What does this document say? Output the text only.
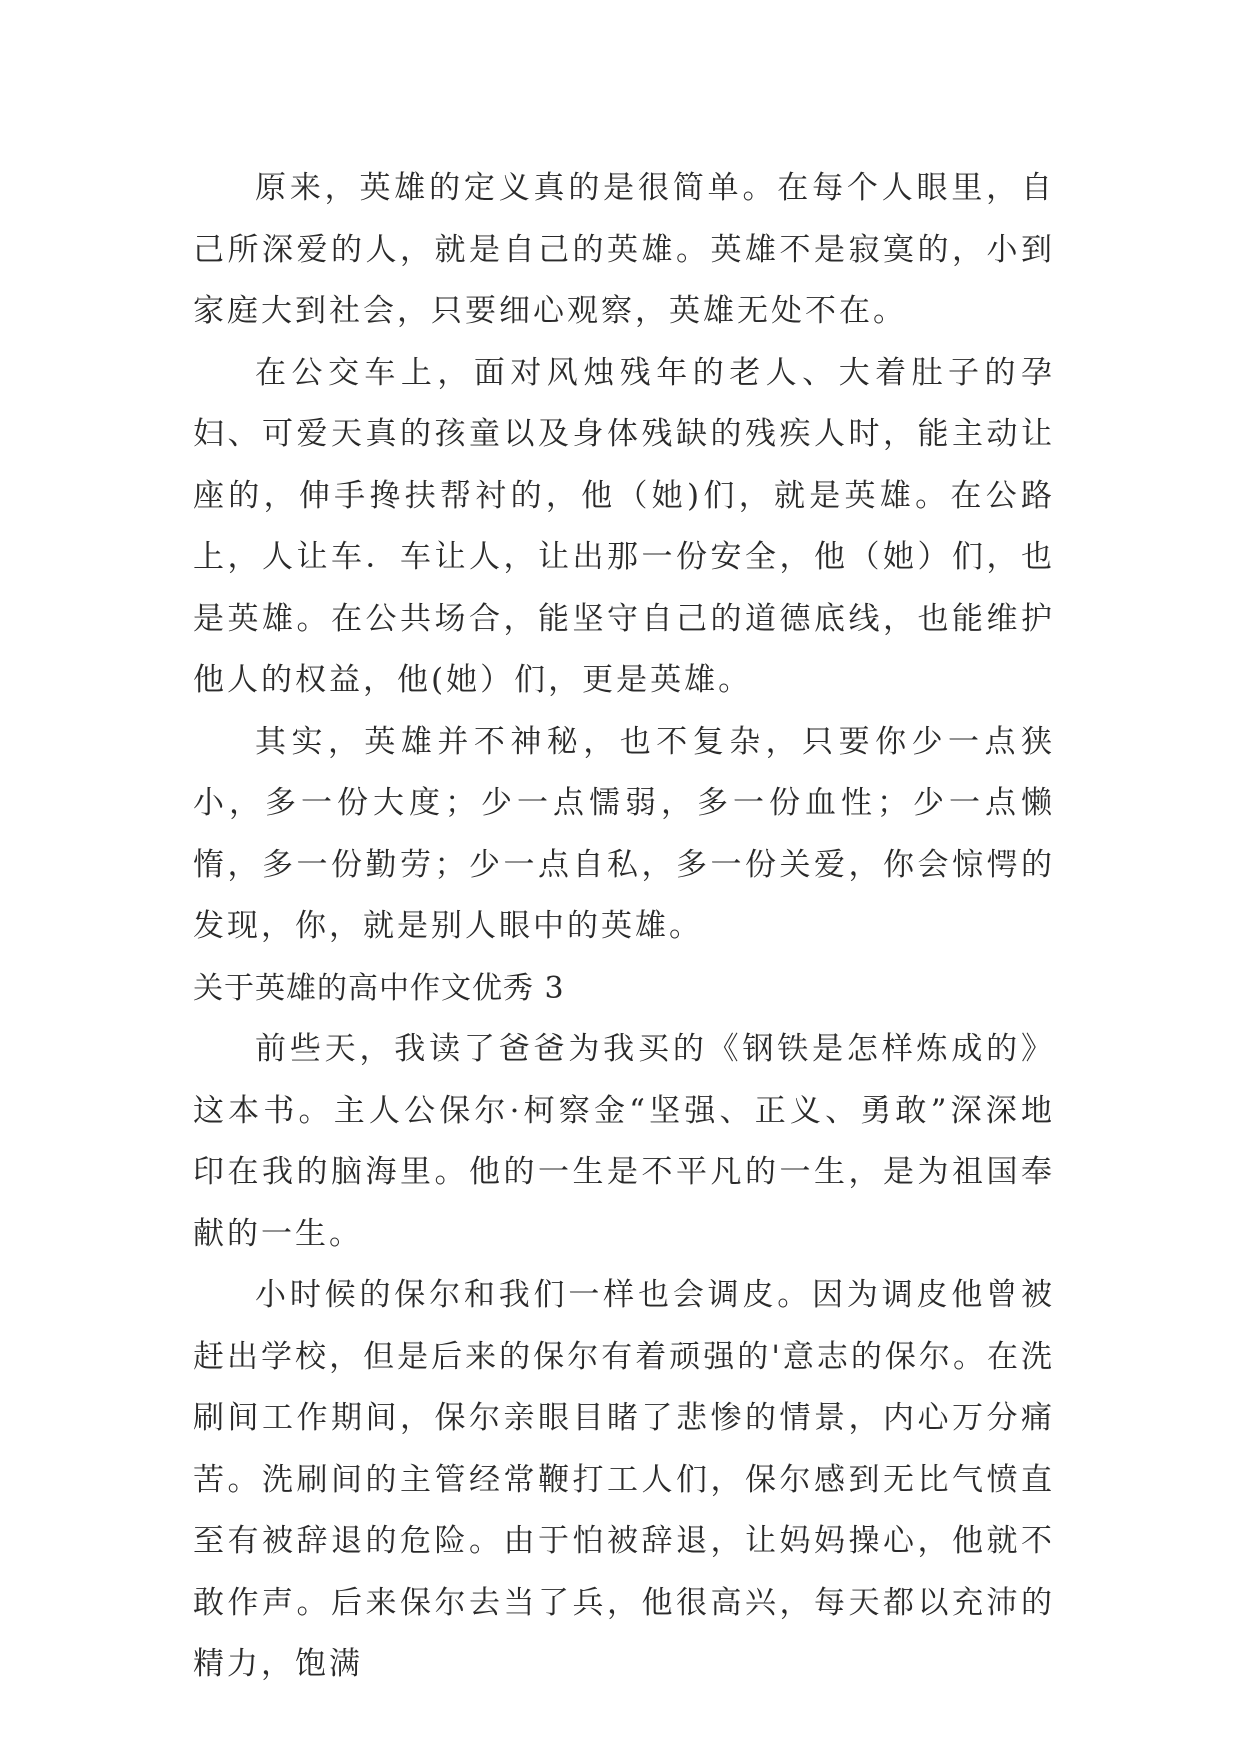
原来，英雄的定义真的是很简单。在每个人眼里，自己所深爱的人，就是自己的英雄。英雄不是寂寞的，小到家庭大到社会，只要细心观察，英雄无处不在。

在公交车上，面对风烛残年的老人、大着肚子的孕妇、可爱天真的孩童以及身体残缺的残疾人时，能主动让座的，伸手搀扶帮衬的，他（她)们，就是英雄。在公路上，人让车．车让人，让出那一份安全，他（她）们，也是英雄。在公共场合，能坚守自己的道德底线，也能维护他人的权益，他(她）们，更是英雄。

其实，英雄并不神秘，也不复杂，只要你少一点狭小，多一份大度；少一点懦弱，多一份血性；少一点懒惰，多一份勤劳；少一点自私，多一份关爱，你会惊愕的发现，你，就是别人眼中的英雄。

关于英雄的高中作文优秀 3

前些天，我读了爸爸为我买的《钢铁是怎样炼成的》这本书。主人公保尔·柯察金“坚强、正义、勇敢”深深地印在我的脑海里。他的一生是不平凡的一生，是为祖国奉献的一生。

小时候的保尔和我们一样也会调皮。因为调皮他曾被赶出学校，但是后来的保尔有着顽强的'意志的保尔。在洗刷间工作期间，保尔亲眼目睹了悲惨的情景，内心万分痛苦。洗刷间的主管经常鞭打工人们，保尔感到无比气愤直至有被辞退的危险。由于怕被辞退，让妈妈操心，他就不敢作声。后来保尔去当了兵，他很高兴，每天都以充沛的精力，饱满
